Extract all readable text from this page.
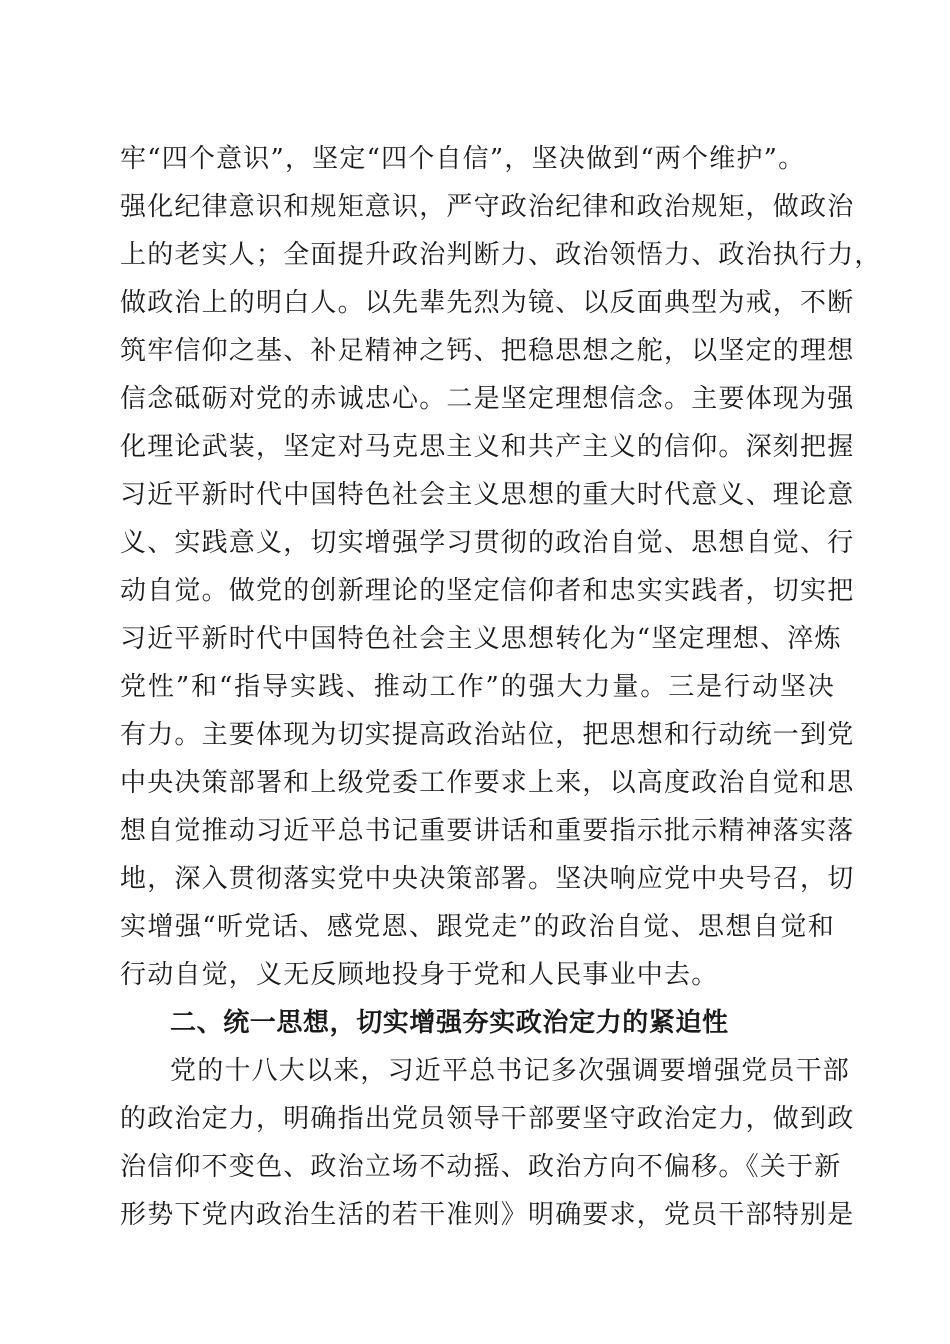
牢“四个意识”，坚定“四个自信”，坚决做到“两个维护”。
强化纪律意识和规矩意识，严守政治纪律和政治规矩，做政治
上的老实人；全面提升政治判断力、政治领悟力、政治执行力，
做政治上的明白人。以先辈先烈为镜、以反面典型为戒，不断
筑牢信仰之基、补足精神之钙、把稳思想之舵，以坚定的理想
信念砥砺对党的赤诚忠心。二是坚定理想信念。主要体现为强
化理论武装，坚定对马克思主义和共产主义的信仰。深刻把握
习近平新时代中国特色社会主义思想的重大时代意义、理论意
义、实践意义，切实增强学习贯彻的政治自觉、思想自觉、行
动自觉。做党的创新理论的坚定信仰者和忠实实践者，切实把
习近平新时代中国特色社会主义思想转化为“坚定理想、淬炼
党性”和“指导实践、推动工作”的强大力量。三是行动坚决
有力。主要体现为切实提高政治站位，把思想和行动统一到党
中央决策部署和上级党委工作要求上来，以高度政治自觉和思
想自觉推动习近平总书记重要讲话和重要指示批示精神落实落
地，深入贯彻落实党中央决策部署。坚决响应党中央号召，切
实增强“听党话、感党恩、跟党走”的政治自觉、思想自觉和
行动自觉，义无反顾地投身于党和人民事业中去。
二、统一思想，切实增强夯实政治定力的紧迫性
党的十八大以来，习近平总书记多次强调要增强党员干部
的政治定力，明确指出党员领导干部要坚守政治定力，做到政
治信仰不变色、政治立场不动摇、政治方向不偏移。《关于新
形势下党内政治生活的若干准则》明确要求，党员干部特别是
